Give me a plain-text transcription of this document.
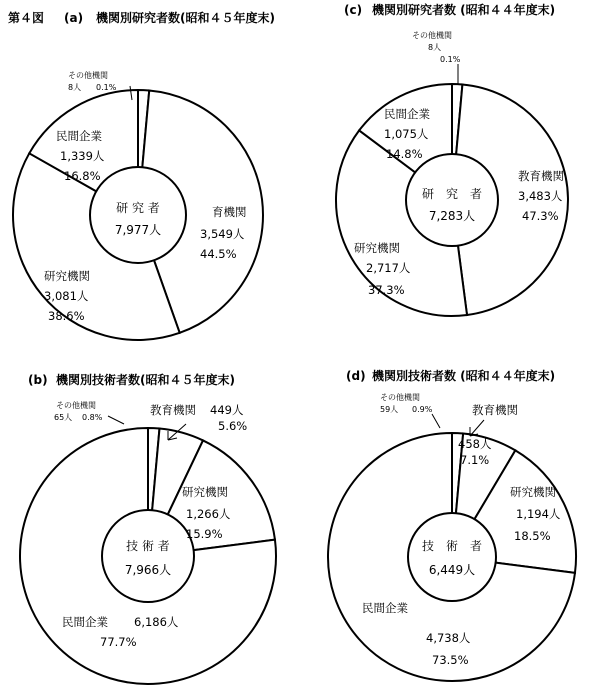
第４図 (a) 機関別研究者数(昭和４５年度末)
研 究 者
7,977人
その他機関
8人 0.1%
育機関
3,549人
44.5%
研究機関
3,081人
38.6%
民間企業
1,339人
16.8%
(c) 機関別研究者数 (昭和４４年度末)
研　究　者
7,283人
その他機関
8人
0.1%
教育機関
3,483人
47.3%
研究機関
2,717人
37.3%
民間企業
1,075人
14.8%
(b) 機関別技術者数(昭和４５年度末)
技 術 者
7,966人
その他機関
65人 0.8%
教育機関 449人
5.6%
研究機関
1,266人
15.9%
民間企業 6,186人
77.7%
(d) 機関別技術者数 (昭和４４年度末)
技　術　者
6,449人
その他機関
59人 0.9%	教育機関
458人
7.1%
研究機関
1,194人
18.5%
民間企業
4,738人
73.5%
